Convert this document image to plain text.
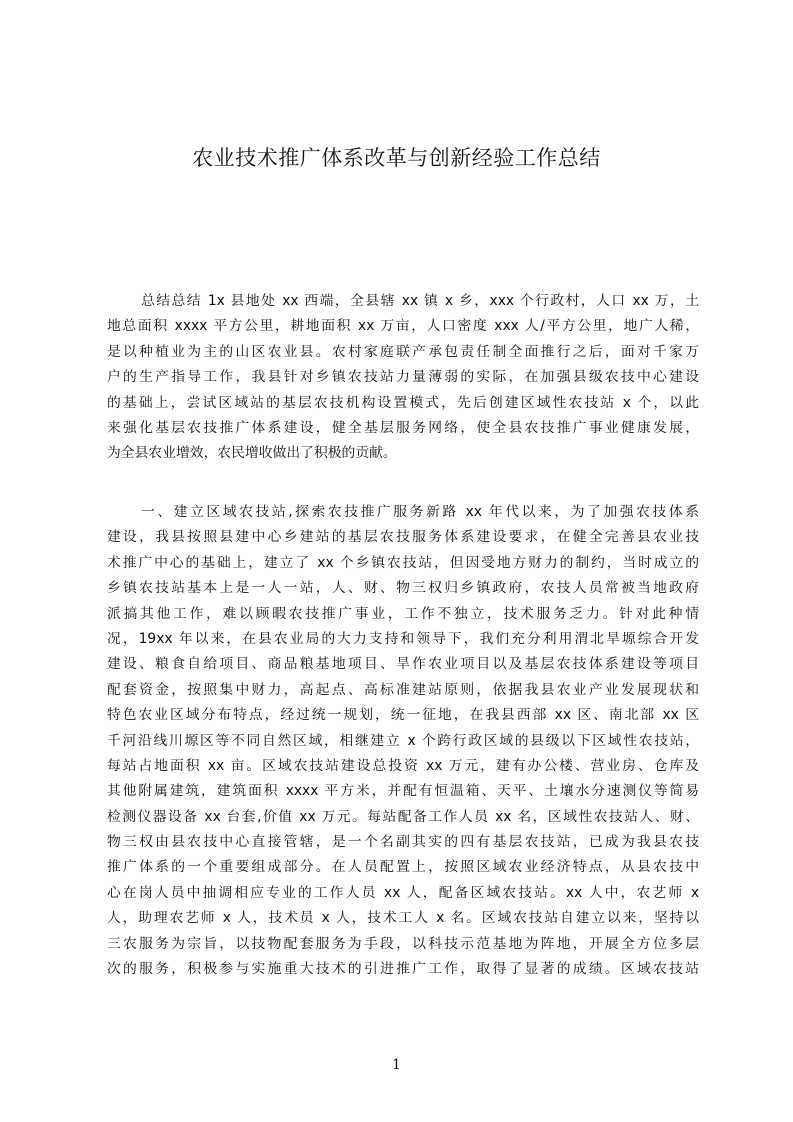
农业技术推广体系改革与创新经验工作总结
总结总结 1x 县地处 xx 西端，全县辖 xx 镇 x 乡，xxx 个行政村，人口 xx 万，土
地总面积 xxxx 平方公里，耕地面积 xx 万亩，人口密度 xxx 人/平方公里，地广人稀，
是以种植业为主的山区农业县。农村家庭联产承包责任制全面推行之后，面对千家万
户的生产指导工作，我县针对乡镇农技站力量薄弱的实际，在加强县级农技中心建设
的基础上，尝试区域站的基层农技机构设置模式，先后创建区域性农技站 x 个，以此
来强化基层农技推广体系建设，健全基层服务网络，使全县农技推广事业健康发展，
为全县农业增效，农民增收做出了积极的贡献。
一、建立区域农技站,探索农技推广服务新路 xx 年代以来，为了加强农技体系
建设，我县按照县建中心乡建站的基层农技服务体系建设要求，在健全完善县农业技
术推广中心的基础上，建立了 xx 个乡镇农技站，但因受地方财力的制约，当时成立的
乡镇农技站基本上是一人一站，人、财、物三权归乡镇政府，农技人员常被当地政府
派搞其他工作，难以顾暇农技推广事业，工作不独立，技术服务乏力。针对此种情
况，19xx 年以来，在县农业局的大力支持和领导下，我们充分利用渭北旱塬综合开发
建设、粮食自给项目、商品粮基地项目、旱作农业项目以及基层农技体系建设等项目
配套资金，按照集中财力，高起点、高标准建站原则，依据我县农业产业发展现状和
特色农业区域分布特点，经过统一规划，统一征地，在我县西部 xx 区、南北部 xx 区
千河沿线川塬区等不同自然区域，相继建立 x 个跨行政区域的县级以下区域性农技站，
每站占地面积 xx 亩。区域农技站建设总投资 xx 万元，建有办公楼、营业房、仓库及
其他附属建筑，建筑面积 xxxx 平方米，并配有恒温箱、天平、土壤水分速测仪等简易
检测仪器设备 xx 台套,价值 xx 万元。每站配备工作人员 xx 名，区域性农技站人、财、
物三权由县农技中心直接管辖，是一个名副其实的四有基层农技站，已成为我县农技
推广体系的一个重要组成部分。在人员配置上，按照区域农业经济特点，从县农技中
心在岗人员中抽调相应专业的工作人员 xx 人，配备区域农技站。xx 人中，农艺师 x
人，助理农艺师 x 人，技术员 x 人，技术工人 x 名。区域农技站自建立以来，坚持以
三农服务为宗旨，以技物配套服务为手段，以科技示范基地为阵地，开展全方位多层
次的服务，积极参与实施重大技术的引进推广工作，取得了显著的成绩。区域农技站
1
